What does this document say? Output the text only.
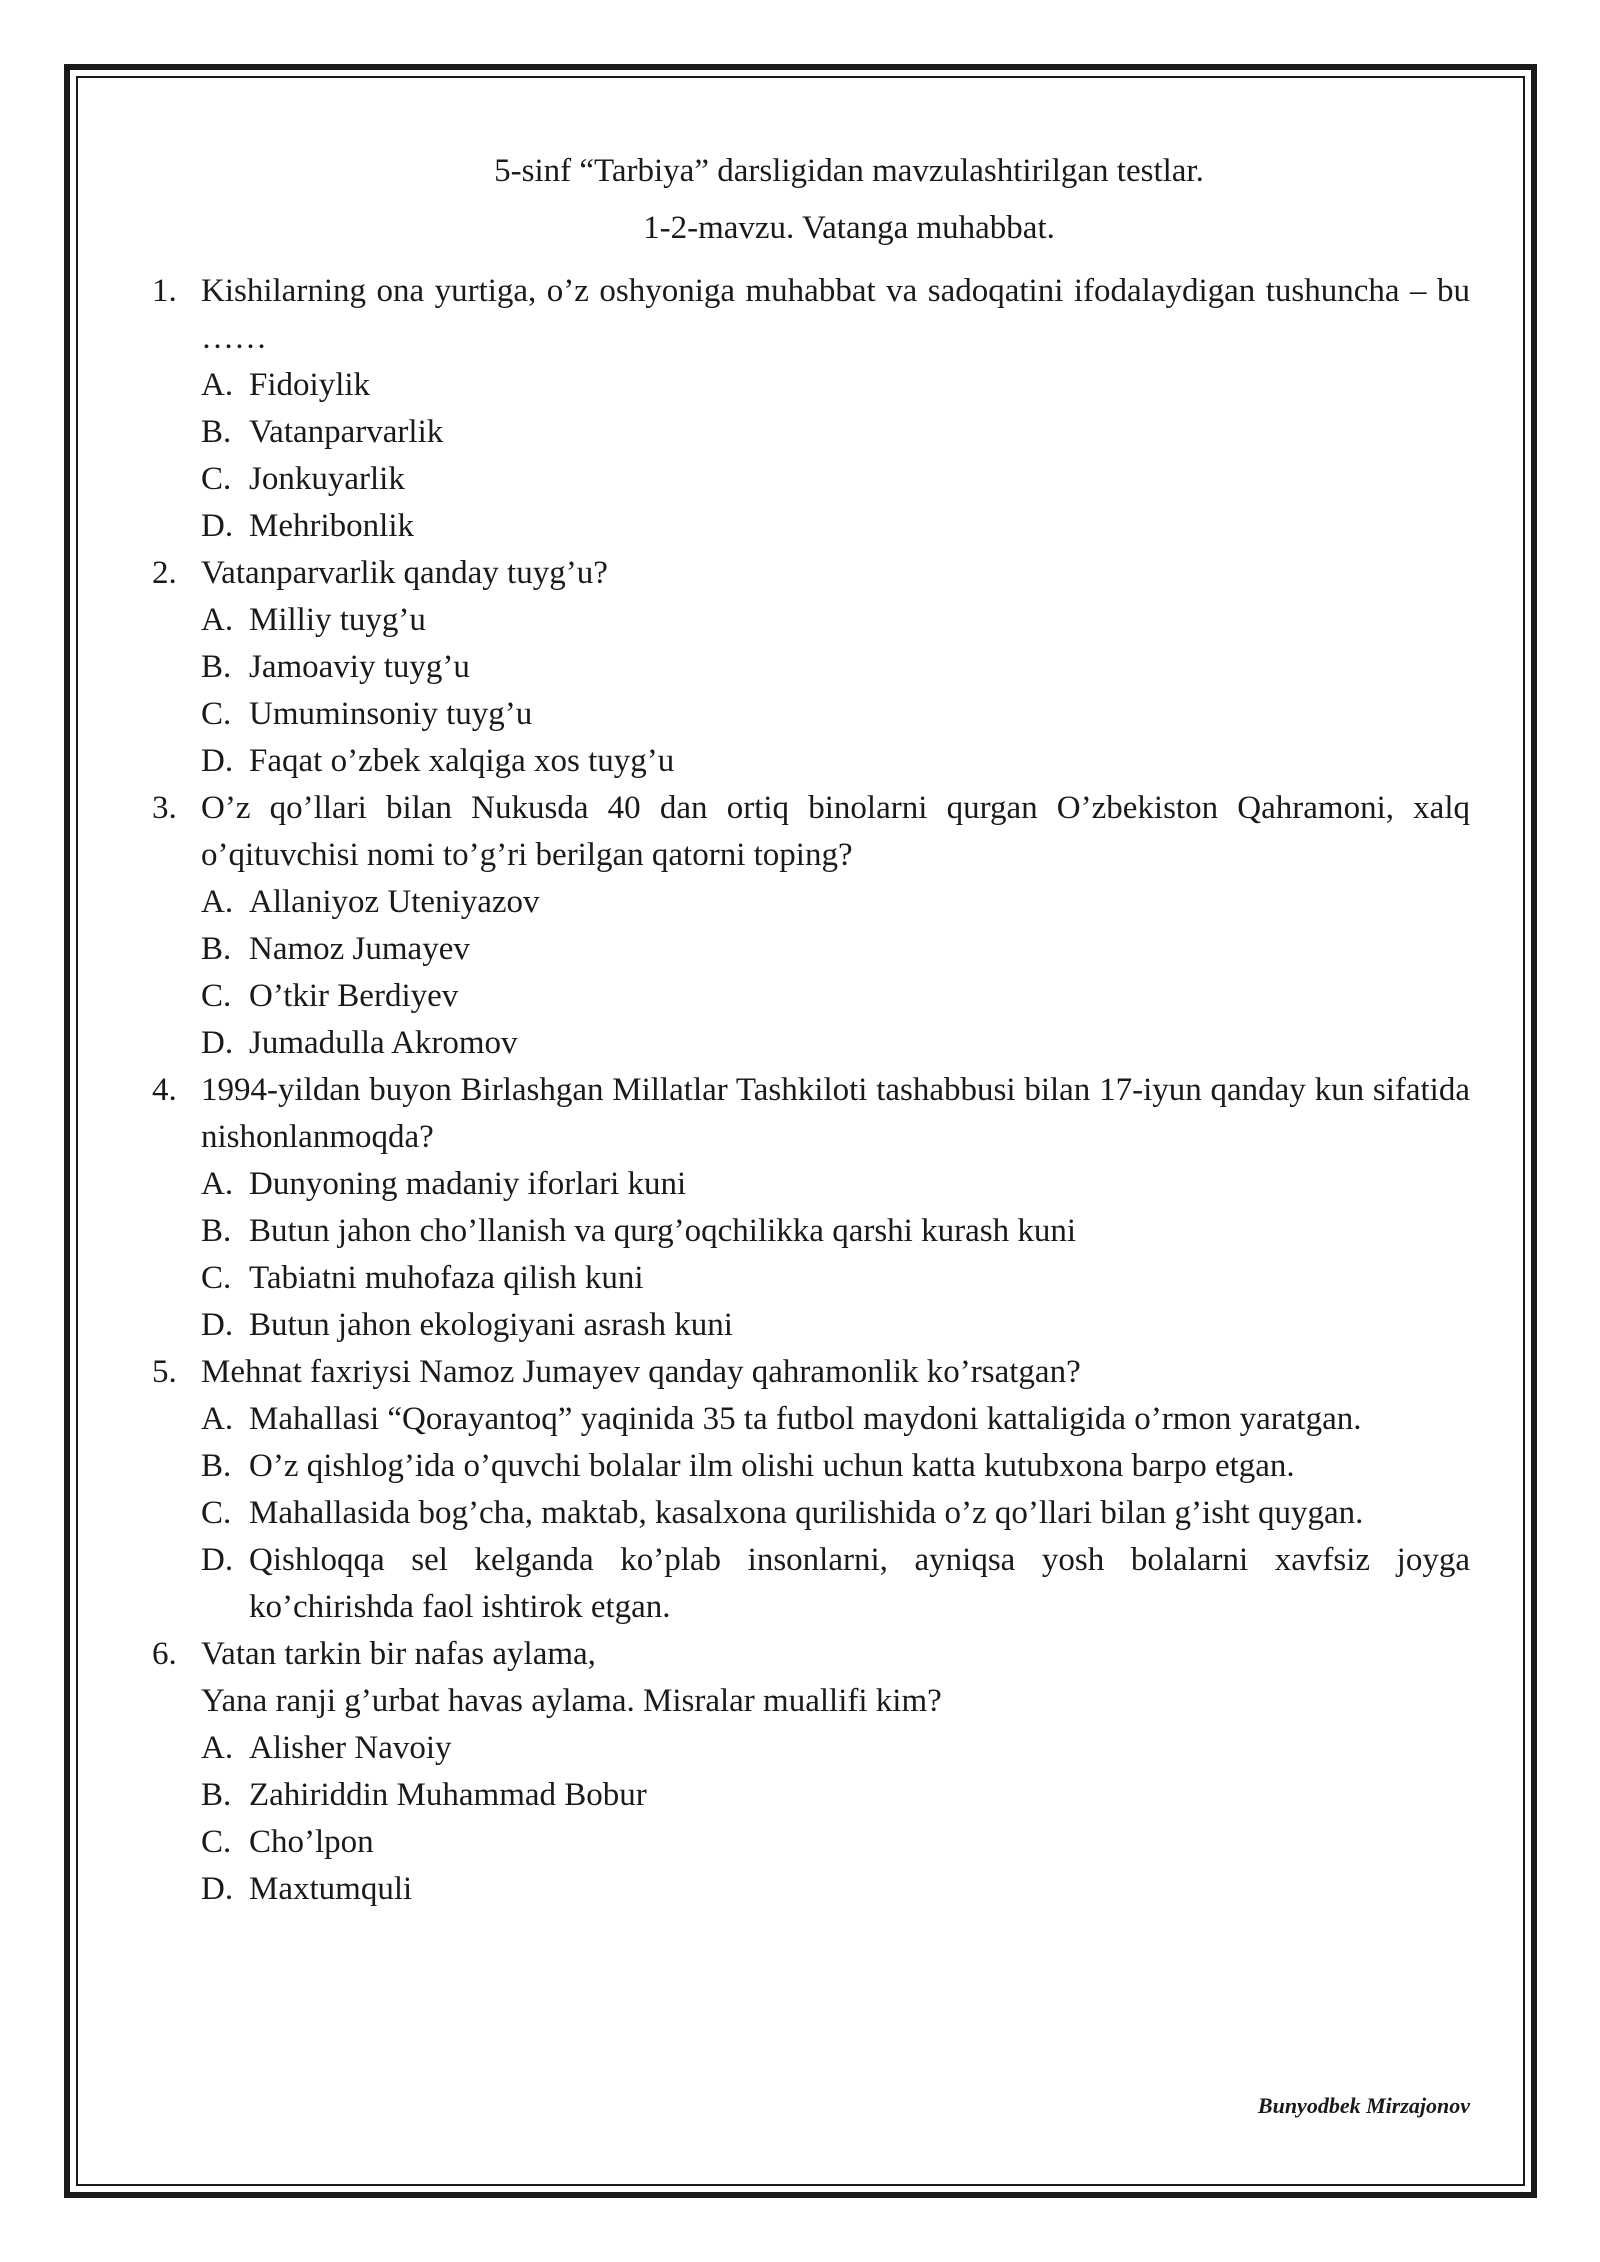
5-sinf “Tarbiya” darsligidan mavzulashtirilgan testlar.

1-2-mavzu. Vatanga muhabbat.

1. Kishilarning ona yurtiga, o’z oshyoniga muhabbat va sadoqatini ifodalaydigan tushuncha – bu ……

A. Fidoiylik
B. Vatanparvarlik
C. Jonkuyarlik
D. Mehribonlik
2. Vatanparvarlik qanday tuyg’u?

A. Milliy tuyg’u
B. Jamoaviy tuyg’u
C. Umuminsoniy tuyg’u
D. Faqat o’zbek xalqiga xos tuyg’u
3. O’z qo’llari bilan Nukusda 40 dan ortiq binolarni qurgan O’zbekiston Qahramoni, xalq o’qituvchisi nomi to’g’ri berilgan qatorni toping?

A. Allaniyoz Uteniyazov
B. Namoz Jumayev
C. O’tkir Berdiyev
D. Jumadulla Akromov
4. 1994-yildan buyon Birlashgan Millatlar Tashkiloti tashabbusi bilan 17-iyun qanday kun sifatida nishonlanmoqda?

A. Dunyoning madaniy iforlari kuni
B. Butun jahon cho’llanish va qurg’oqchilikka qarshi kurash kuni
C. Tabiatni muhofaza qilish kuni
D. Butun jahon ekologiyani asrash kuni
5. Mehnat faxriysi Namoz Jumayev qanday qahramonlik ko’rsatgan?

A. Mahallasi “Qorayantoq” yaqinida 35 ta futbol maydoni kattaligida o’rmon yaratgan.
B. O’z qishlog’ida o’quvchi bolalar ilm olishi uchun katta kutubxona barpo etgan.
C. Mahallasida bog’cha, maktab, kasalxona qurilishida o’z qo’llari bilan g’isht quygan.
D. Qishloqqa sel kelganda ko’plab insonlarni, ayniqsa yosh bolalarni xavfsiz joyga ko’chirishda faol ishtirok etgan.
6. Vatan tarkin bir nafas aylama,
Yana ranji g’urbat havas aylama. Misralar muallifi kim?

A. Alisher Navoiy
B. Zahiriddin Muhammad Bobur
C. Cho’lpon
D. Maxtumquli
Bunyodbek Mirzajonov
